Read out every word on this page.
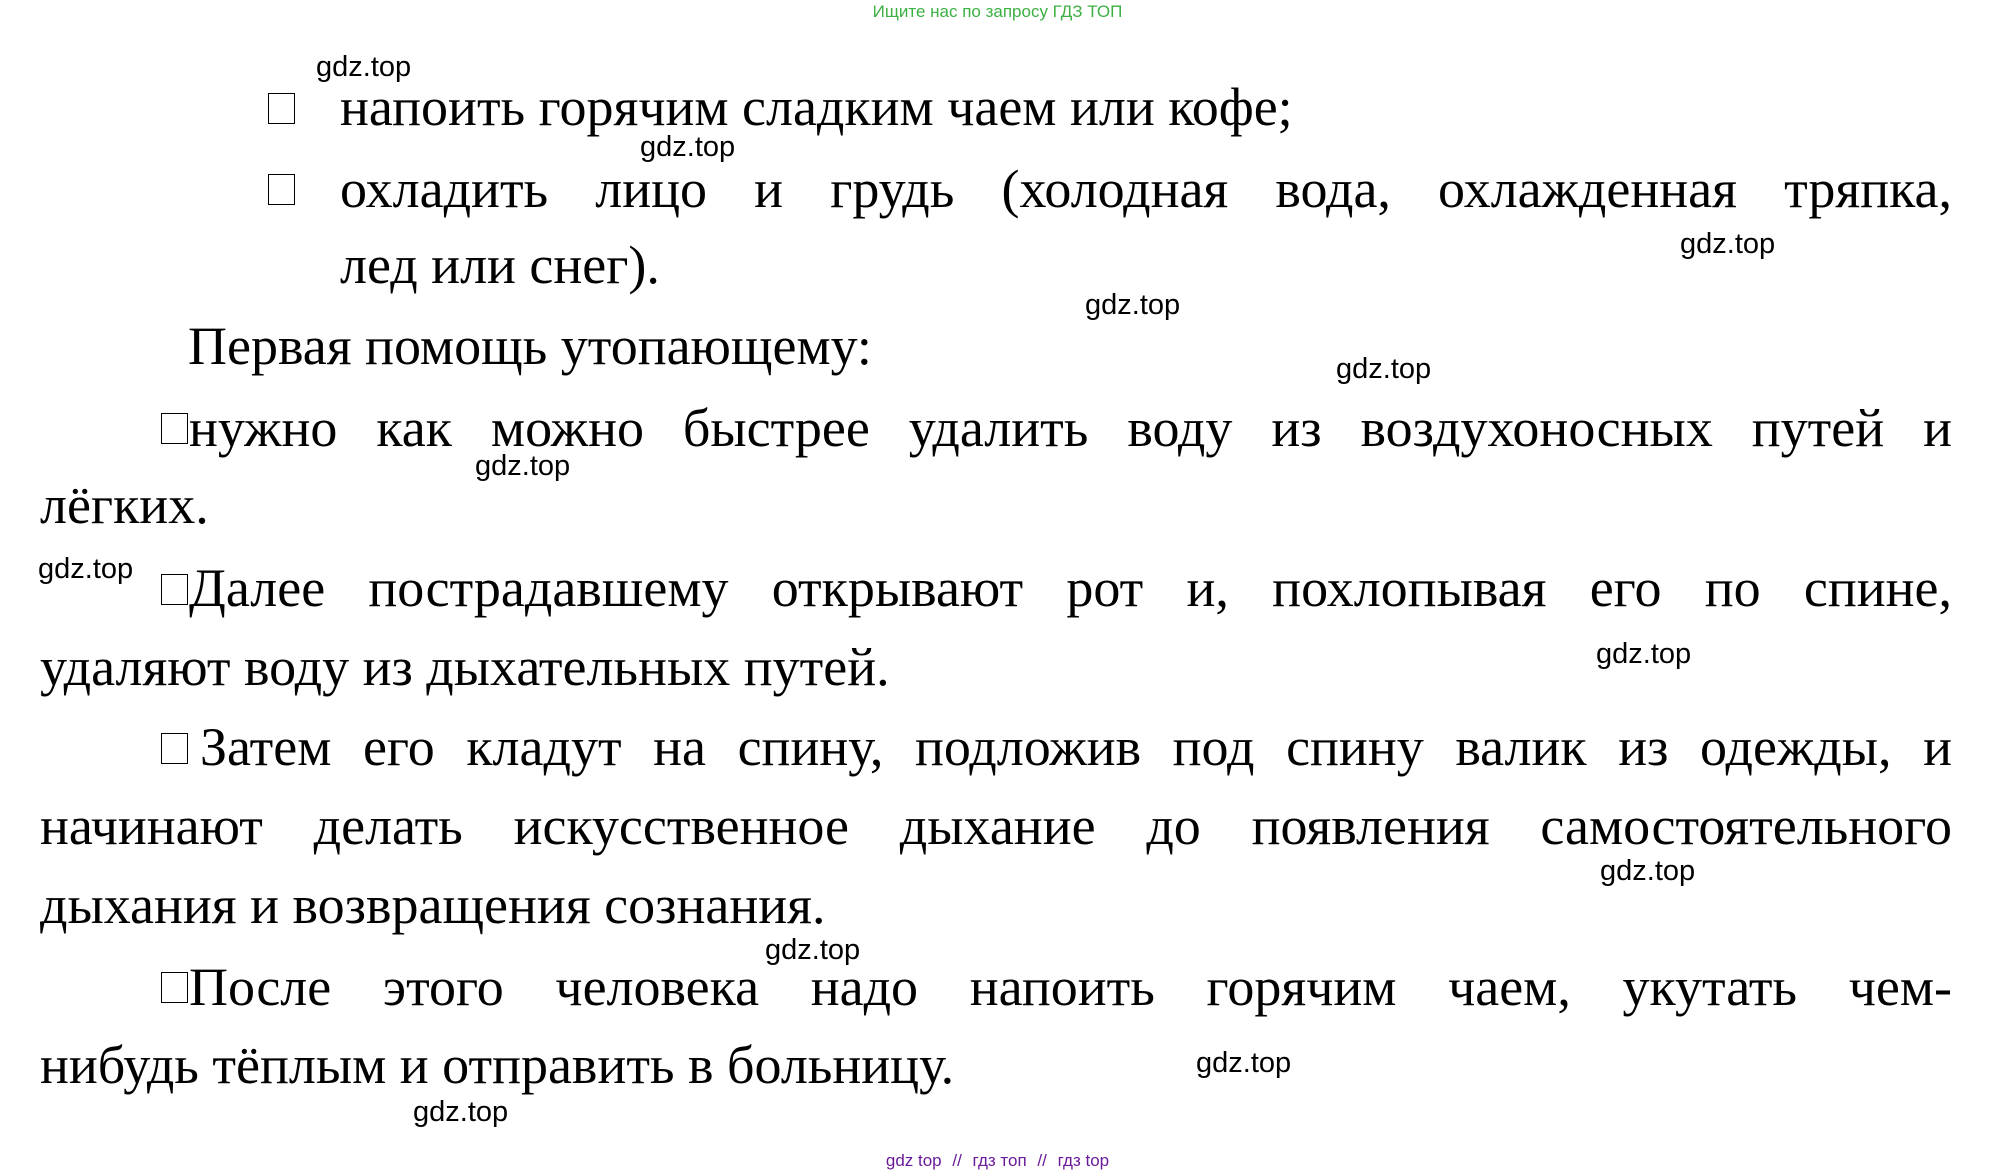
Ищите нас по запросу ГДЗ ТОП
напоить горячим сладким чаем или кофе;
охладить лицо и грудь (холодная вода, охлажденная тряпка,
лед или снег).
Первая помощь утопающему:
нужно как можно быстрее удалить воду из воздухоносных путей и
лёгких.
Далее пострадавшему открывают рот и, похлопывая его по спине,
удаляют воду из дыхательных путей.
Затем его кладут на спину, подложив под спину валик из одежды, и
начинают делать искусственное дыхание до появления самостоятельного
дыхания и возвращения сознания.
После этого человека надо напоить горячим чаем, укутать чем-
нибудь тёплым и отправить в больницу.
gdz.top
gdz.top
gdz.top
gdz.top
gdz.top
gdz.top
gdz.top
gdz.top
gdz.top
gdz.top
gdz.top
gdz.top
gdz top // гдз топ // гдз top
